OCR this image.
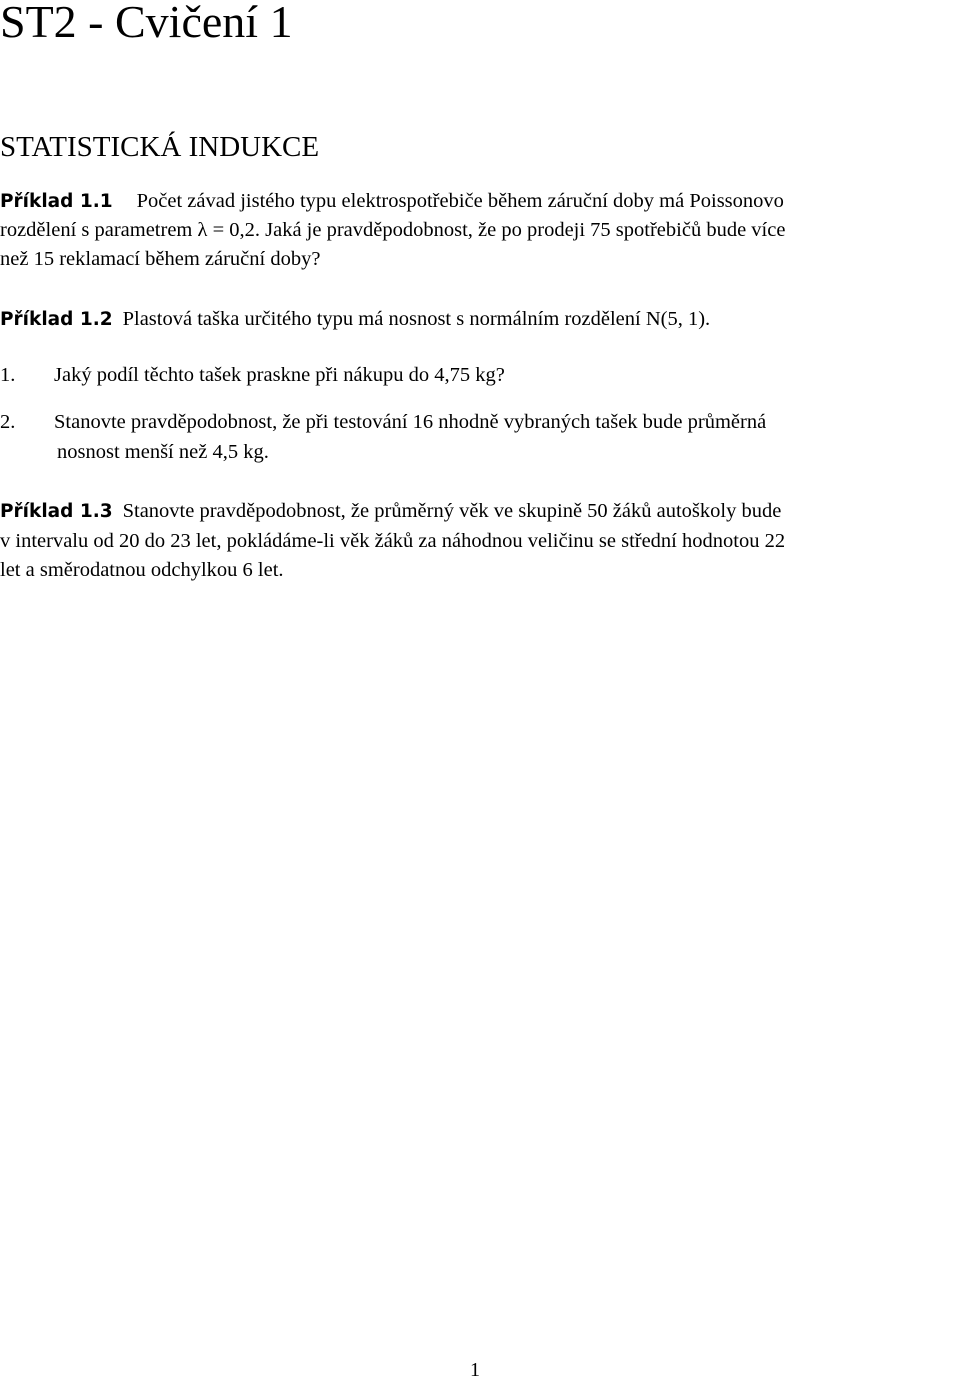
ST2 - Cvičení 1
STATISTICKÁ INDUKCE
Příklad 1.1 Počet závad jistého typu elektrospotřebiče během záruční doby má Poissonovo
rozdělení s parametrem λ = 0,2. Jaká je pravděpodobnost, že po prodeji 75 spotřebičů bude více
než 15 reklamací během záruční doby?
Příklad 1.2 Plastová taška určitého typu má nosnost s normálním rozdělení N(5, 1).
1. Jaký podíl těchto tašek praskne při nákupu do 4,75 kg?
2. Stanovte pravděpodobnost, že při testování 16 nhodně vybraných tašek bude průměrná
nosnost menší než 4,5 kg.
Příklad 1.3 Stanovte pravděpodobnost, že průměrný věk ve skupině 50 žáků autoškoly bude
v intervalu od 20 do 23 let, pokládáme-li věk žáků za náhodnou veličinu se střední hodnotou 22
let a směrodatnou odchylkou 6 let.
1
